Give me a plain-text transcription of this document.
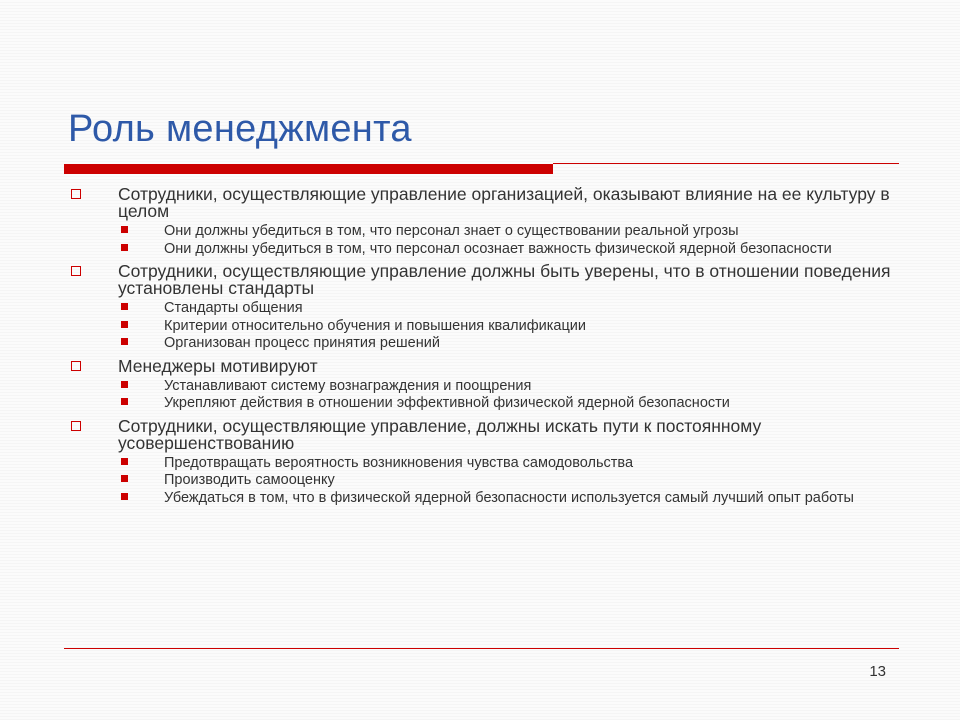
Роль менеджмента
Сотрудники, осуществляющие управление организацией, оказывают влияние на ее культуру в целом
Они должны убедиться в том, что персонал знает о существовании реальной угрозы
Они должны убедиться в том, что персонал осознает важность физической ядерной безопасности
Сотрудники, осуществляющие управление должны быть уверены, что в отношении поведения установлены стандарты
Стандарты общения
Критерии относительно обучения и повышения квалификации
Организован процесс принятия решений
Менеджеры мотивируют
Устанавливают систему вознаграждения и поощрения
Укрепляют действия в отношении эффективной физической ядерной безопасности
Сотрудники, осуществляющие управление, должны искать пути к постоянному усовершенствованию
Предотвращать вероятность возникновения чувства самодовольства
Производить самооценку
Убеждаться в том, что в физической ядерной безопасности используется самый лучший опыт работы
13
